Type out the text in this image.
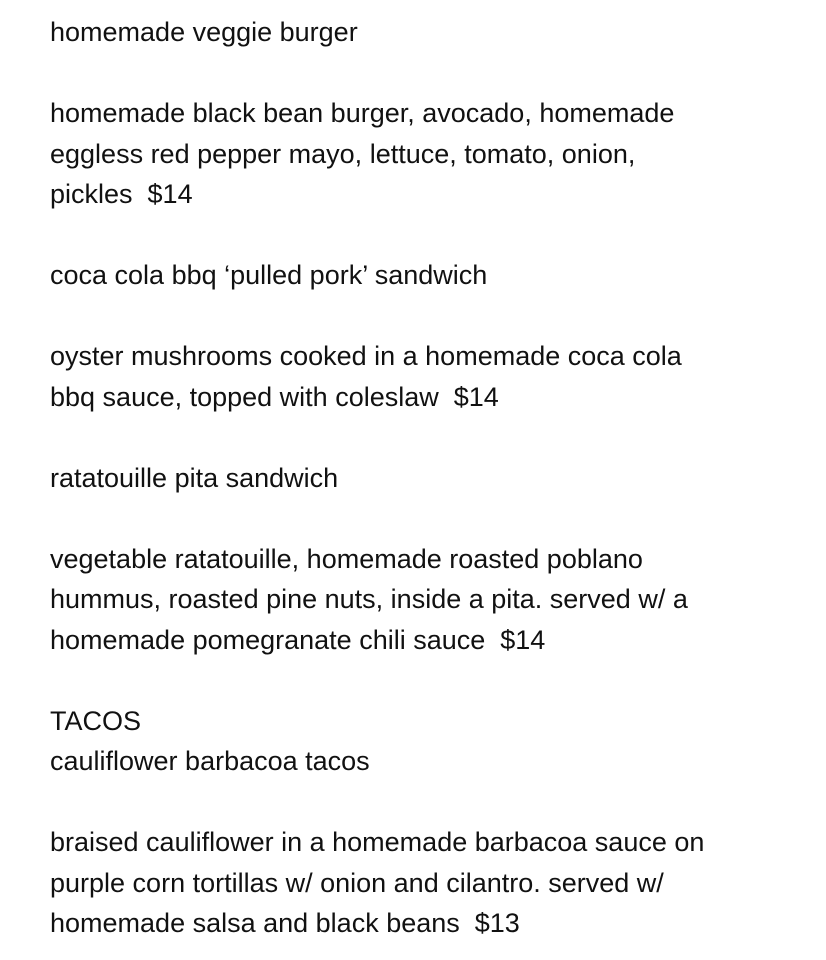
homemade veggie burger

homemade black bean burger, avocado, homemade

eggless red pepper mayo, lettuce, tomato, onion,

pickles  $14

coca cola bbq ‘pulled pork’ sandwich

oyster mushrooms cooked in a homemade coca cola

bbq sauce, topped with coleslaw  $14

ratatouille pita sandwich

vegetable ratatouille, homemade roasted poblano

hummus, roasted pine nuts, inside a pita. served w/ a

homemade pomegranate chili sauce  $14

TACOS

cauliflower barbacoa tacos

braised cauliflower in a homemade barbacoa sauce on

purple corn tortillas w/ onion and cilantro. served w/

homemade salsa and black beans  $13
